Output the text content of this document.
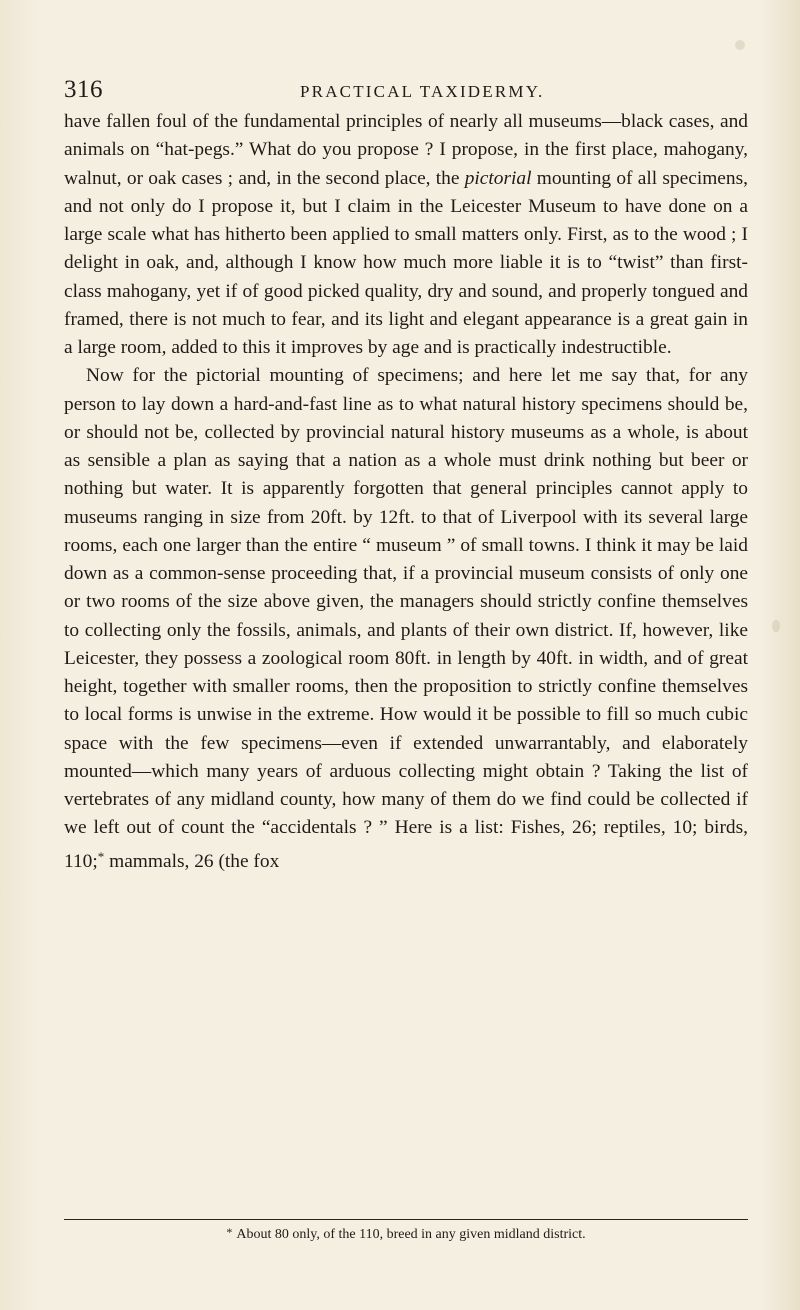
316	PRACTICAL TAXIDERMY.

have fallen foul of the fundamental principles of nearly all museums—black cases, and animals on “hat-pegs.” What do you propose ? I propose, in the first place, mahogany, walnut, or oak cases ; and, in the second place, the pictorial mounting of all specimens, and not only do I propose it, but I claim in the Leicester Museum to have done on a large scale what has hitherto been applied to small matters only. First, as to the wood ; I delight in oak, and, although I know how much more liable it is to “twist” than first-class mahogany, yet if of good picked quality, dry and sound, and properly tongued and framed, there is not much to fear, and its light and elegant appearance is a great gain in a large room, added to this it improves by age and is practically indestructible.

Now for the pictorial mounting of specimens; and here let me say that, for any person to lay down a hard-and-fast line as to what natural history specimens should be, or should not be, collected by provincial natural history museums as a whole, is about as sensible a plan as saying that a nation as a whole must drink nothing but beer or nothing but water. It is apparently forgotten that general principles cannot apply to museums ranging in size from 20ft. by 12ft. to that of Liverpool with its several large rooms, each one larger than the entire “ museum ” of small towns. I think it may be laid down as a common-sense proceeding that, if a provincial museum consists of only one or two rooms of the size above given, the managers should strictly confine themselves to collecting only the fossils, animals, and plants of their own district. If, however, like Leicester, they possess a zoological room 80ft. in length by 40ft. in width, and of great height, together with smaller rooms, then the proposition to strictly confine themselves to local forms is unwise in the extreme. How would it be possible to fill so much cubic space with the few specimens—even if extended unwarrantably, and elaborately mounted—which many years of arduous collecting might obtain ? Taking the list of vertebrates of any midland county, how many of them do we find could be collected if we left out of count the “accidentals ? ” Here is a list: Fishes, 26; reptiles, 10; birds, 110;* mammals, 26 (the fox

* About 80 only, of the 110, breed in any given midland district.
